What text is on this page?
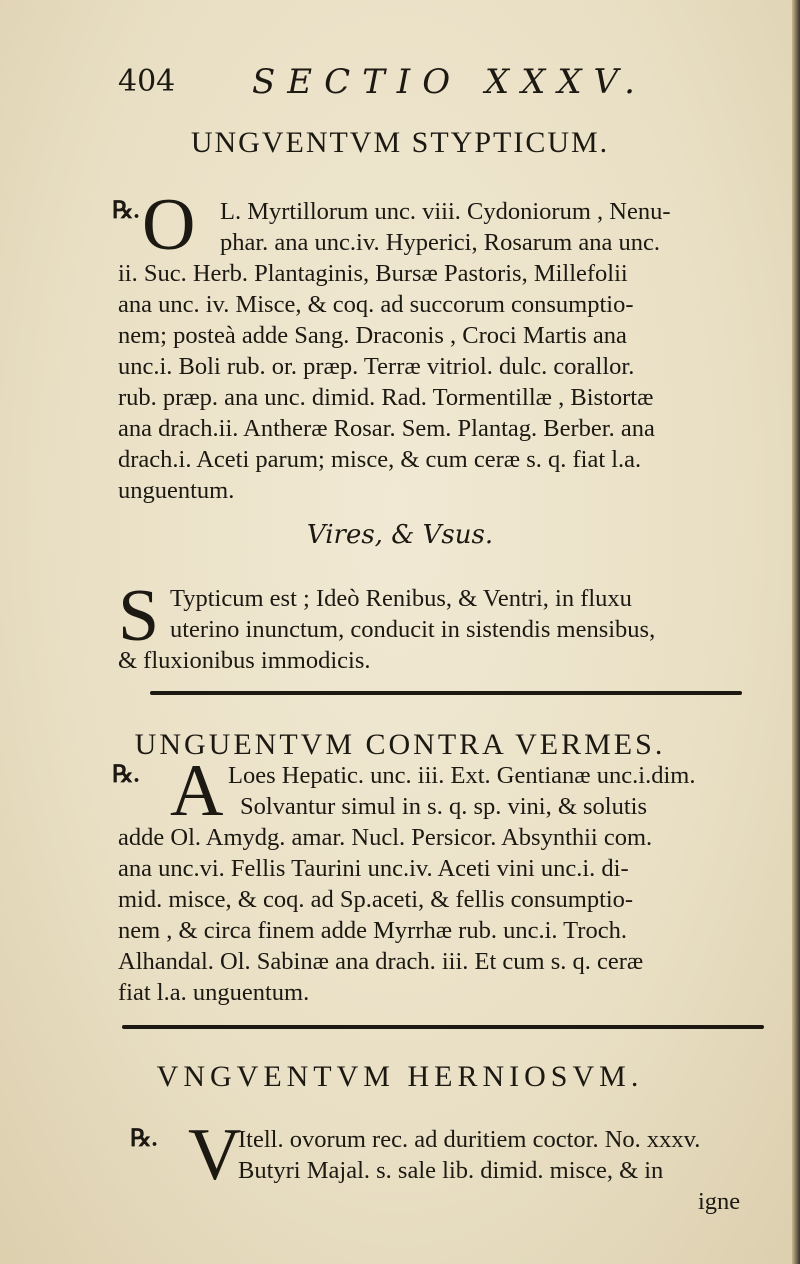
404 SECTIO XXXV.
UNGVENTVM STYPTICUM.
℞. O	L. Myrtillorum unc. viii. Cydoniorum , Nenu-
phar. ana unc.iv. Hyperici, Rosarum ana unc.
ii. Suc. Herb. Plantaginis, Bursæ Pastoris, Millefolii
ana unc. iv. Misce, & coq. ad succorum consumptio-
nem; posteà adde Sang. Draconis , Croci Martis ana
unc.i. Boli rub. or. præp. Terræ vitriol. dulc. corallor.
rub. præp. ana unc. dimid. Rad. Tormentillæ , Bistortæ
ana drach.ii. Antheræ Rosar. Sem. Plantag. Berber. ana
drach.i. Aceti parum; misce, & cum ceræ s. q. fiat l.a.
unguentum.
Vires, & Vsus.
S Typticum est ; Ideò Renibus, & Ventri, in fluxu
uterino inunctum, conducit in sistendis mensibus,
& fluxionibus immodicis.
UNGUENTVM CONTRA VERMES.
℞. A Loes Hepatic. unc. iii. Ext. Gentianæ unc.i.dim.
Solvantur simul in s. q. sp. vini, & solutis
adde Ol. Amydg. amar. Nucl. Persicor. Absynthii com.
ana unc.vi. Fellis Taurini unc.iv. Aceti vini unc.i. di-
mid. misce, & coq. ad Sp.aceti, & fellis consumptio-
nem , & circa finem adde Myrrhæ rub. unc.i. Troch.
Alhandal. Ol. Sabinæ ana drach. iii. Et cum s. q. ceræ
fiat l.a. unguentum.
VNGVENTVM HERNIOSVM.
℞. V
Itell. ovorum rec. ad duritiem coctor. No. xxxv.
Butyri Majal. s. sale lib. dimid. misce, & in
igne
